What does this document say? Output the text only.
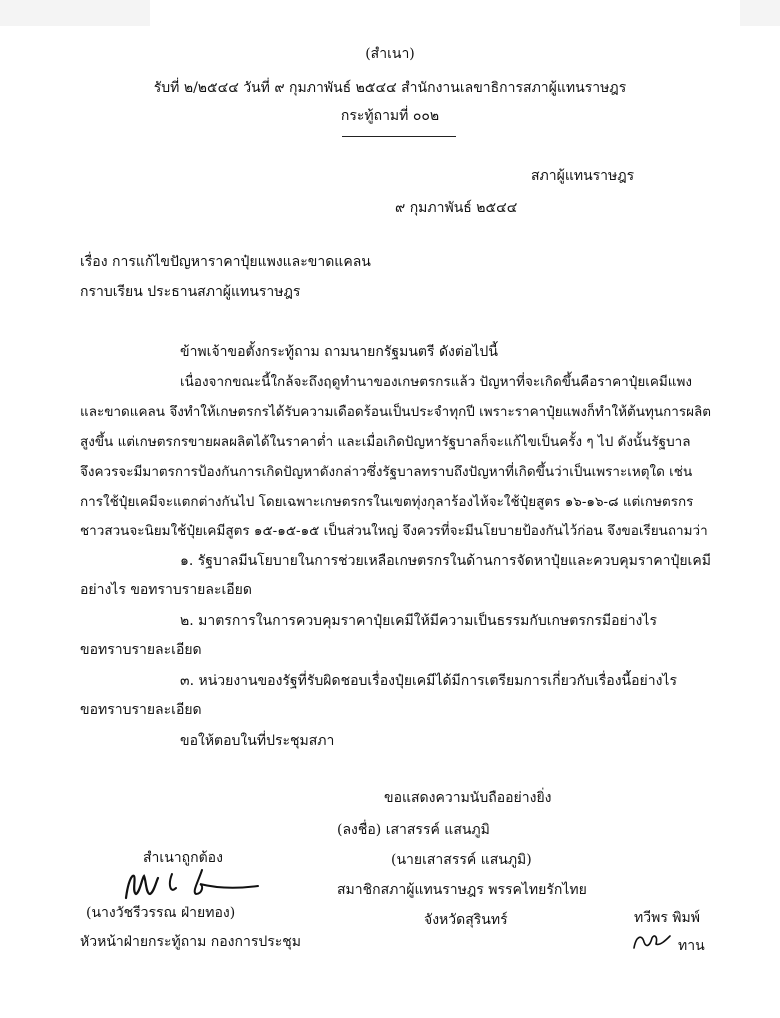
(สำเนา)
รับที่ ๒/๒๕๔๔ วันที่ ๙ กุมภาพันธ์ ๒๕๔๔ สำนักงานเลขาธิการสภาผู้แทนราษฎร
กระทู้ถามที่ ๐๐๒
สภาผู้แทนราษฎร
๙ กุมภาพันธ์ ๒๕๔๔
เรื่อง การแก้ไขปัญหาราคาปุ๋ยแพงและขาดแคลน
กราบเรียน ประธานสภาผู้แทนราษฎร
ข้าพเจ้าขอตั้งกระทู้ถาม ถามนายกรัฐมนตรี ดังต่อไปนี้
เนื่องจากขณะนี้ใกล้จะถึงฤดูทำนาของเกษตรกรแล้ว ปัญหาที่จะเกิดขึ้นคือราคาปุ๋ยเคมีแพง
และขาดแคลน จึงทำให้เกษตรกรได้รับความเดือดร้อนเป็นประจำทุกปี เพราะราคาปุ๋ยแพงก็ทำให้ต้นทุนการผลิต
สูงขึ้น แต่เกษตรกรขายผลผลิตได้ในราคาต่ำ และเมื่อเกิดปัญหารัฐบาลก็จะแก้ไขเป็นครั้ง ๆ ไป ดังนั้นรัฐบาล
จึงควรจะมีมาตรการป้องกันการเกิดปัญหาดังกล่าวซึ่งรัฐบาลทราบถึงปัญหาที่เกิดขึ้นว่าเป็นเพราะเหตุใด เช่น
การใช้ปุ๋ยเคมีจะแตกต่างกันไป โดยเฉพาะเกษตรกรในเขตทุ่งกุลาร้องไห้จะใช้ปุ๋ยสูตร ๑๖-๑๖-๘ แต่เกษตรกร
ชาวสวนจะนิยมใช้ปุ๋ยเคมีสูตร ๑๕-๑๕-๑๕ เป็นส่วนใหญ่ จึงควรที่จะมีนโยบายป้องกันไว้ก่อน จึงขอเรียนถามว่า
๑. รัฐบาลมีนโยบายในการช่วยเหลือเกษตรกรในด้านการจัดหาปุ๋ยและควบคุมราคาปุ๋ยเคมี
อย่างไร ขอทราบรายละเอียด
๒. มาตรการในการควบคุมราคาปุ๋ยเคมีให้มีความเป็นธรรมกับเกษตรกรมีอย่างไร
ขอทราบรายละเอียด
๓. หน่วยงานของรัฐที่รับผิดชอบเรื่องปุ๋ยเคมีได้มีการเตรียมการเกี่ยวกับเรื่องนี้อย่างไร
ขอทราบรายละเอียด
ขอให้ตอบในที่ประชุมสภา
ขอแสดงความนับถืออย่างยิ่ง
(ลงชื่อ) เสาสรรค์ แสนภูมิ
(นายเสาสรรค์ แสนภูมิ)
สมาชิกสภาผู้แทนราษฎร พรรคไทยรักไทย
จังหวัดสุรินทร์
สำเนาถูกต้อง
(นางวัชรีวรรณ ฝ่ายทอง)
หัวหน้าฝ่ายกระทู้ถาม กองการประชุม
ทวีพร พิมพ์
ทาน
